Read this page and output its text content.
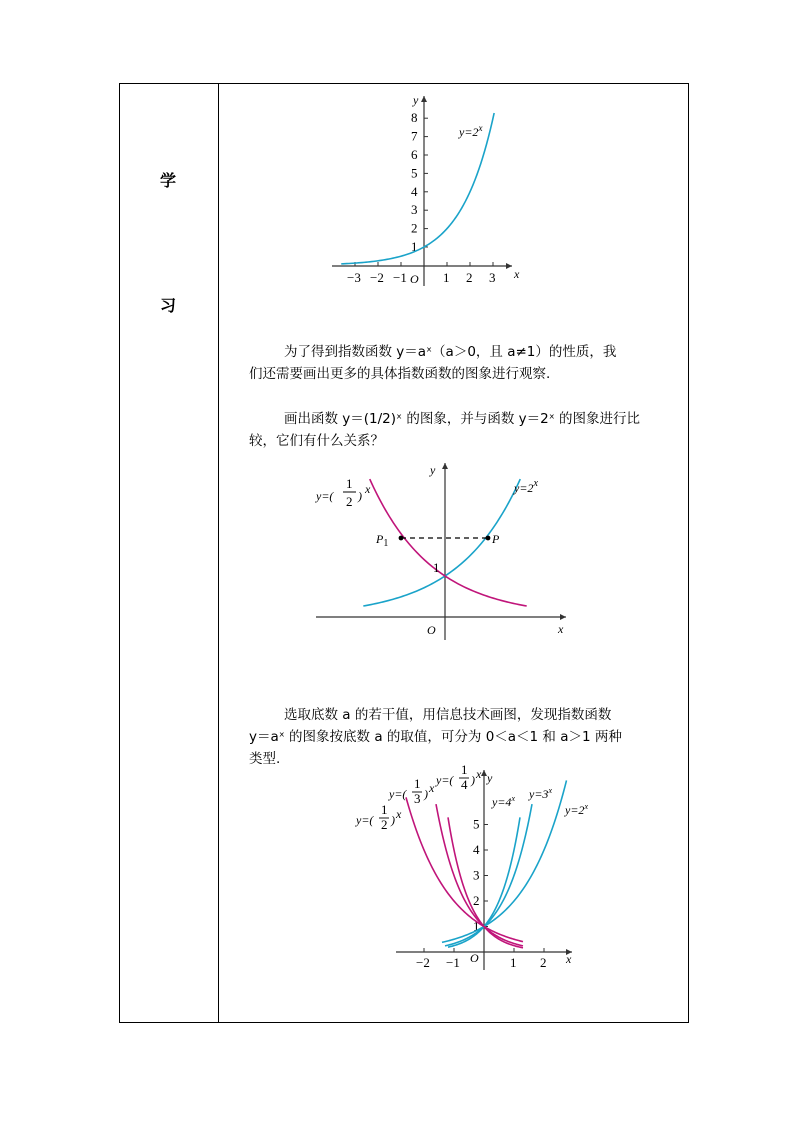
学
习
1
2
3
4
5
6
7
8
−3 −2 −1	1 2 3
y
x
O
$y=2^x$

为了得到指数函数 y＝aˣ（a＞0，且 a≠1）的性质，我

们还需要画出更多的具体指数函数的图象进行观察.

画出函数 y＝(1/2)ˣ 的图象，并与函数 y＝2ˣ 的图象进行比

较，它们有什么关系？

$P_1$	P
1
O	x
y
$y=2^x$
y=(
1
2 ) x

选取底数 a 的若干值，用信息技术画图，发现指数函数

y＝aˣ 的图象按底数 a 的取值，可分为 0＜a＜1 和 a＞1 两种

类型.

1
2
3
4
5
−2 −1	1 2
y
x
O
$y=4^x$ $y=3^x$
$y=2^x$
y=(
1
2 ) x
y=(
1
3 ) x
y=(
1
4 ) x
